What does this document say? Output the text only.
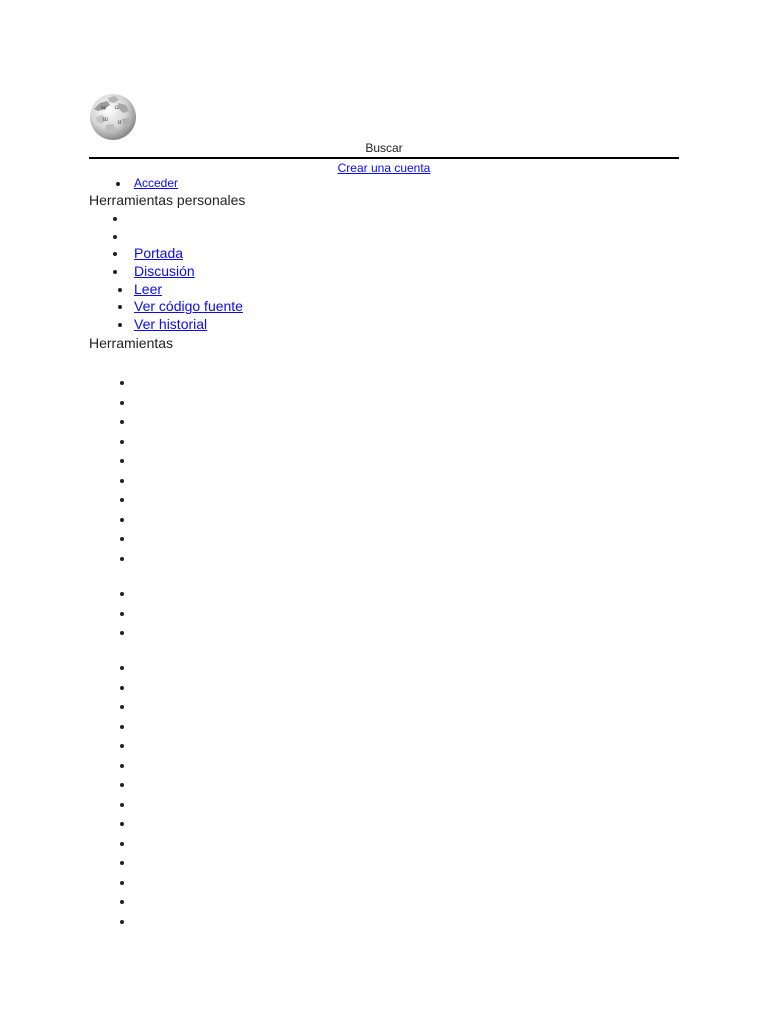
W Ω
Ш
И
Buscar
Crear una cuenta
Acceder
Herramientas personales
Portada
Discusión
Leer
Ver código fuente
Ver historial
Herramientas
